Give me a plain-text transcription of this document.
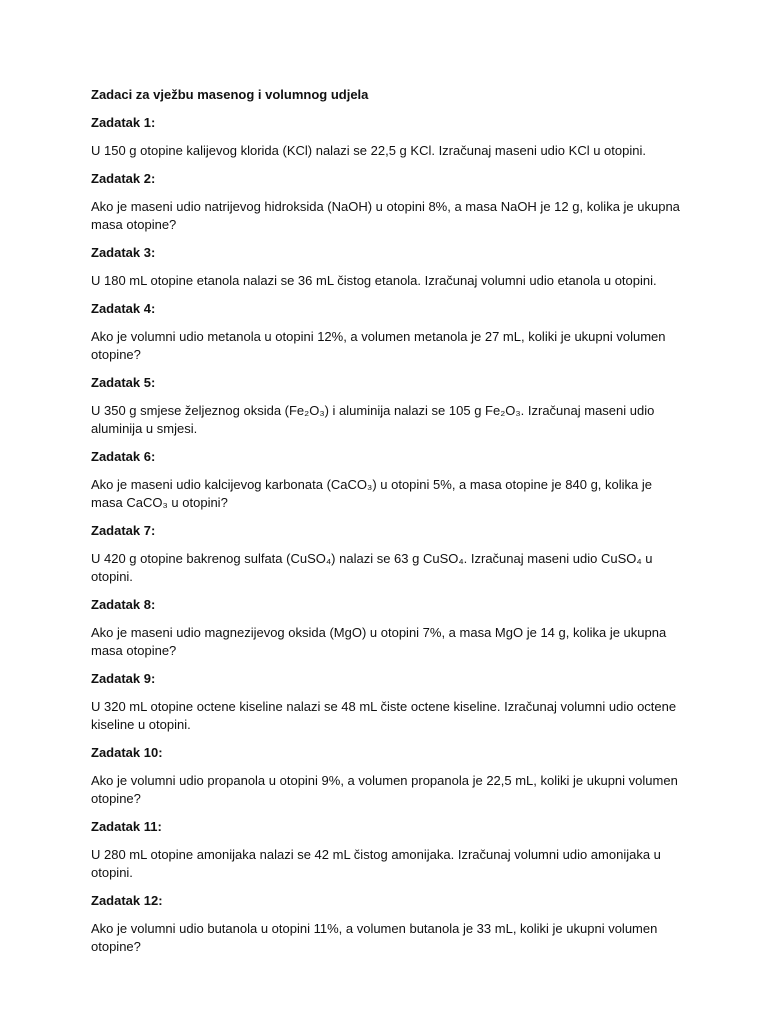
Zadaci za vježbu masenog i volumnog udjela
Zadatak 1:
U 150 g otopine kalijevog klorida (KCl) nalazi se 22,5 g KCl. Izračunaj maseni udio KCl u otopini.
Zadatak 2:
Ako je maseni udio natrijevog hidroksida (NaOH) u otopini 8%, a masa NaOH je 12 g, kolika je ukupna masa otopine?
Zadatak 3:
U 180 mL otopine etanola nalazi se 36 mL čistog etanola. Izračunaj volumni udio etanola u otopini.
Zadatak 4:
Ako je volumni udio metanola u otopini 12%, a volumen metanola je 27 mL, koliki je ukupni volumen otopine?
Zadatak 5:
U 350 g smjese željeznog oksida (Fe₂O₃) i aluminija nalazi se 105 g Fe₂O₃. Izračunaj maseni udio aluminija u smjesi.
Zadatak 6:
Ako je maseni udio kalcijevog karbonata (CaCO₃) u otopini 5%, a masa otopine je 840 g, kolika je masa CaCO₃ u otopini?
Zadatak 7:
U 420 g otopine bakrenog sulfata (CuSO₄) nalazi se 63 g CuSO₄. Izračunaj maseni udio CuSO₄ u otopini.
Zadatak 8:
Ako je maseni udio magnezijevog oksida (MgO) u otopini 7%, a masa MgO je 14 g, kolika je ukupna masa otopine?
Zadatak 9:
U 320 mL otopine octene kiseline nalazi se 48 mL čiste octene kiseline. Izračunaj volumni udio octene kiseline u otopini.
Zadatak 10:
Ako je volumni udio propanola u otopini 9%, a volumen propanola je 22,5 mL, koliki je ukupni volumen otopine?
Zadatak 11:
U 280 mL otopine amonijaka nalazi se 42 mL čistog amonijaka. Izračunaj volumni udio amonijaka u otopini.
Zadatak 12:
Ako je volumni udio butanola u otopini 11%, a volumen butanola je 33 mL, koliki je ukupni volumen otopine?
